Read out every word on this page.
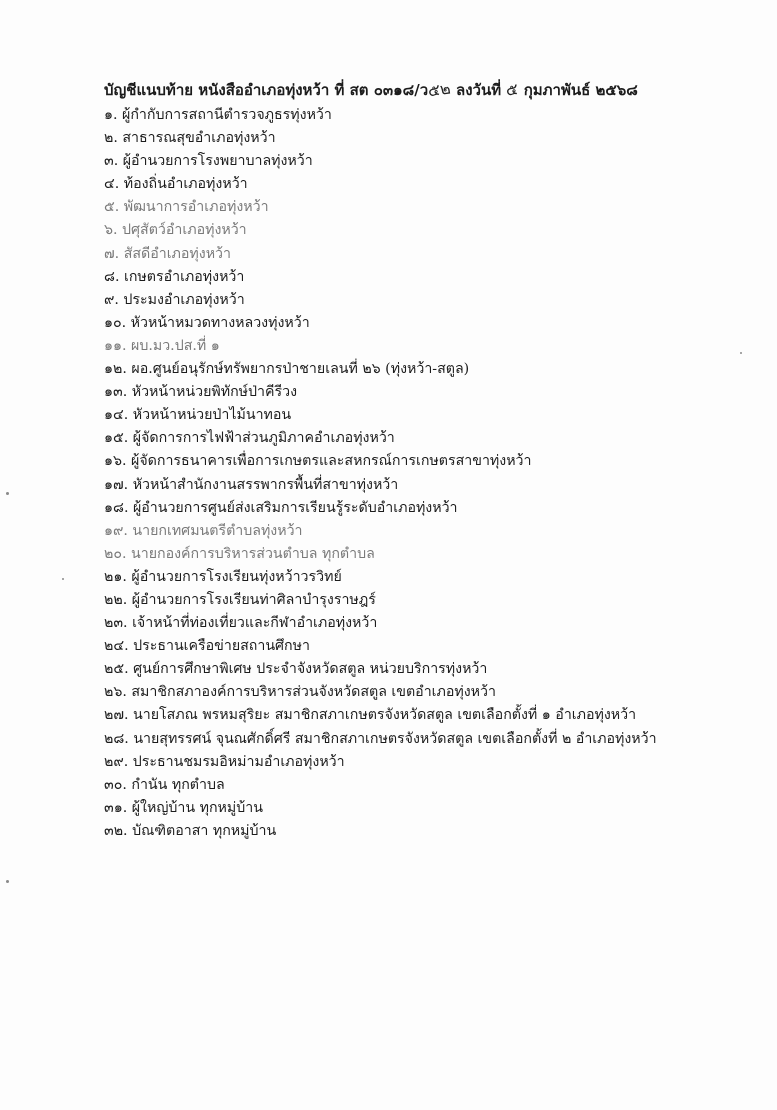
บัญชีแนบท้าย หนังสืออำเภอทุ่งหว้า ที่ สต ๐๓๑๘/ว๕๒ ลงวันที่ ๕ กุมภาพันธ์ ๒๕๖๘
๑. ผู้กำกับการสถานีตำรวจภูธรทุ่งหว้า
๒. สาธารณสุขอำเภอทุ่งหว้า
๓. ผู้อำนวยการโรงพยาบาลทุ่งหว้า
๔. ท้องถิ่นอำเภอทุ่งหว้า
๕. พัฒนาการอำเภอทุ่งหว้า
๖. ปศุสัตว์อำเภอทุ่งหว้า
๗. สัสดีอำเภอทุ่งหว้า
๘. เกษตรอำเภอทุ่งหว้า
๙. ประมงอำเภอทุ่งหว้า
๑๐. หัวหน้าหมวดทางหลวงทุ่งหว้า
๑๑. ผบ.มว.ปส.ที่ ๑
๑๒. ผอ.ศูนย์อนุรักษ์ทรัพยากรป่าชายเลนที่ ๒๖ (ทุ่งหว้า-สตูล)
๑๓. หัวหน้าหน่วยพิทักษ์ป่าคีรีวง
๑๔. หัวหน้าหน่วยป่าไม้นาทอน
๑๕. ผู้จัดการการไฟฟ้าส่วนภูมิภาคอำเภอทุ่งหว้า
๑๖. ผู้จัดการธนาคารเพื่อการเกษตรและสหกรณ์การเกษตรสาขาทุ่งหว้า
๑๗. หัวหน้าสำนักงานสรรพากรพื้นที่สาขาทุ่งหว้า
๑๘. ผู้อำนวยการศูนย์ส่งเสริมการเรียนรู้ระดับอำเภอทุ่งหว้า
๑๙. นายกเทศมนตรีตำบลทุ่งหว้า
๒๐. นายกองค์การบริหารส่วนตำบล ทุกตำบล
๒๑. ผู้อำนวยการโรงเรียนทุ่งหว้าวรวิทย์
๒๒. ผู้อำนวยการโรงเรียนท่าศิลาบำรุงราษฎร์
๒๓. เจ้าหน้าที่ท่องเที่ยวและกีฬาอำเภอทุ่งหว้า
๒๔. ประธานเครือข่ายสถานศึกษา
๒๕. ศูนย์การศึกษาพิเศษ ประจำจังหวัดสตูล หน่วยบริการทุ่งหว้า
๒๖. สมาชิกสภาองค์การบริหารส่วนจังหวัดสตูล เขตอำเภอทุ่งหว้า
๒๗. นายโสภณ พรหมสุริยะ สมาชิกสภาเกษตรจังหวัดสตูล เขตเลือกตั้งที่ ๑ อำเภอทุ่งหว้า
๒๘. นายสุทรรศน์ จุนณศักดิ์ศรี สมาชิกสภาเกษตรจังหวัดสตูล เขตเลือกตั้งที่ ๒ อำเภอทุ่งหว้า
๒๙. ประธานชมรมอิหม่ามอำเภอทุ่งหว้า
๓๐. กำนัน ทุกตำบล
๓๑. ผู้ใหญ่บ้าน ทุกหมู่บ้าน
๓๒. บัณฑิตอาสา ทุกหมู่บ้าน
